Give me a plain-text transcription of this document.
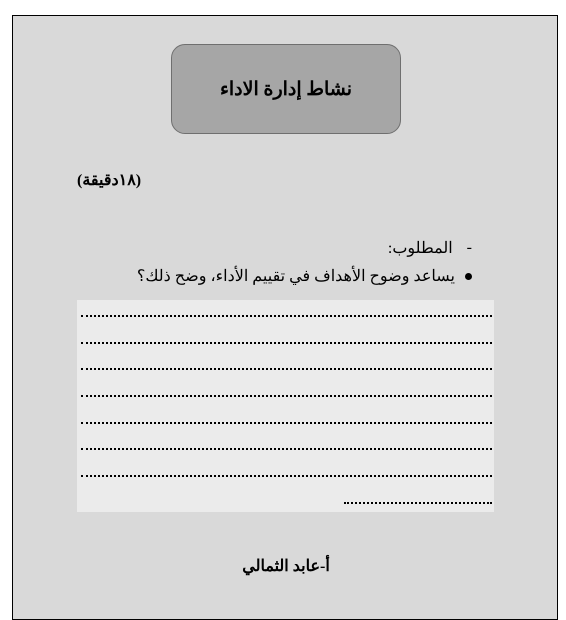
نشاط إدارة الاداء
(١٨دقيقة)
-
المطلوب:
يساعد وضوح الأهداف في تقييم الأداء، وضح ذلك؟
أ-عابد الثمالي
